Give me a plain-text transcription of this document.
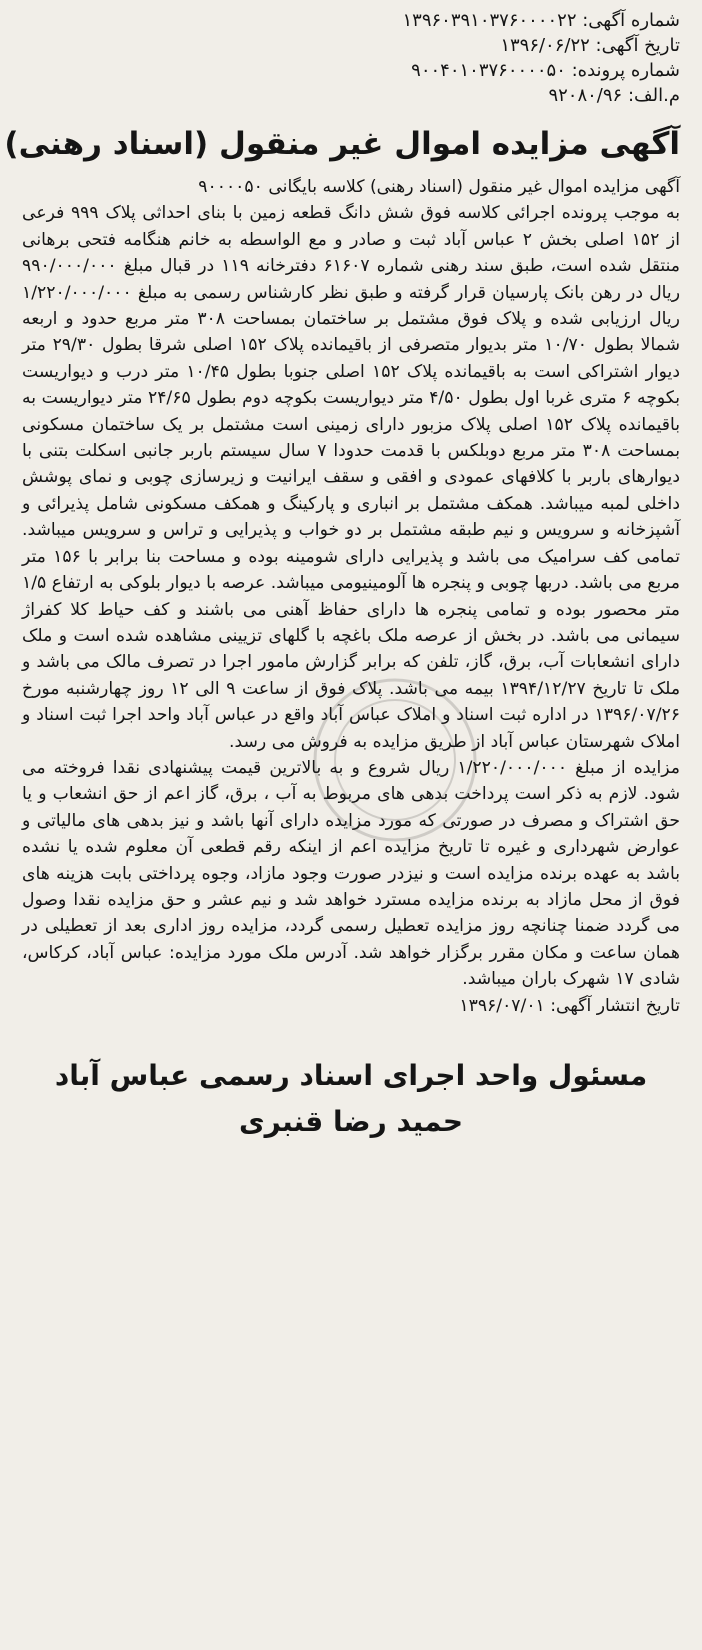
شماره آگهی: ۱۳۹۶۰۳۹۱۰۳۷۶۰۰۰۰۲۲
تاریخ آگهی: ۱۳۹۶/۰۶/۲۲
شماره پرونده: ۹۰۰۴۰۱۰۳۷۶۰۰۰۰۵۰
م.الف: ۹۲۰۸۰/۹۶
آگهی مزایده اموال غیر منقول (اسناد رهنی)

آگهی مزایده اموال غیر منقول (اسناد رهنی) کلاسه بایگانی ۹۰۰۰۰۵۰

به موجب پرونده اجرائی کلاسه فوق شش دانگ قطعه زمین با بنای احداثی پلاک ۹۹۹ فرعی از ۱۵۲ اصلی بخش ۲ عباس آباد ثبت و صادر و مع الواسطه به خانم هنگامه فتحی برهانی منتقل شده است، طبق سند رهنی شماره ۶۱۶۰۷ دفترخانه ۱۱۹ در قبال مبلغ ۹۹۰/۰۰۰/۰۰۰ ریال در رهن بانک پارسیان قرار گرفته و طبق نظر کارشناس رسمی به مبلغ ۱/۲۲۰/۰۰۰/۰۰۰ ریال ارزیابی شده و پلاک فوق مشتمل بر ساختمان بمساحت ۳۰۸ متر مربع حدود و اربعه شمالا بطول ۱۰/۷۰ متر بدیوار متصرفی از باقیمانده پلاک ۱۵۲ اصلی شرقا بطول ۲۹/۳۰ متر دیوار اشتراکی است به باقیمانده پلاک ۱۵۲ اصلی جنوبا بطول ۱۰/۴۵ متر درب و دیواریست بکوچه ۶ متری غربا اول بطول ۴/۵۰ متر دیواریست بکوچه دوم بطول ۲۴/۶۵ متر دیواریست به باقیمانده پلاک ۱۵۲ اصلی پلاک مزبور دارای زمینی است مشتمل بر یک ساختمان مسکونی بمساحت ۳۰۸ متر مربع دوبلکس با قدمت حدودا ۷ سال سیستم باربر جانبی اسکلت بتنی با دیوارهای باربر با کلافهای عمودی و افقی و سقف ایرانیت و زیرسازی چوبی و نمای پوشش داخلی لمبه میباشد. همکف مشتمل بر انباری و پارکینگ و همکف مسکونی شامل پذیرائی و آشپزخانه و سرویس و نیم طبقه مشتمل بر دو خواب و پذیرایی و تراس و سرویس میباشد. تمامی کف سرامیک می باشد و پذیرایی دارای شومینه بوده و مساحت بنا برابر با ۱۵۶ متر مربع می باشد. دربها چوبی و پنجره ها آلومینیومی میباشد. عرصه با دیوار بلوکی به ارتفاع ۱/۵ متر محصور بوده و تمامی پنجره ها دارای حفاظ آهنی می باشند و کف حیاط کلا کفراژ سیمانی می باشد. در بخش از عرصه ملک باغچه با گلهای تزیینی مشاهده شده است و ملک دارای انشعابات آب، برق، گاز، تلفن که برابر گزارش مامور اجرا در تصرف مالک می باشد و ملک تا تاریخ ۱۳۹۴/۱۲/۲۷ بیمه می باشد. پلاک فوق از ساعت ۹ الی ۱۲ روز چهارشنبه مورخ ۱۳۹۶/۰۷/۲۶ در اداره ثبت اسناد و املاک عباس آباد واقع در عباس آباد واحد اجرا ثبت اسناد و املاک شهرستان عباس آباد از طریق مزایده به فروش می رسد.

مزایده از مبلغ ۱/۲۲۰/۰۰۰/۰۰۰ ریال شروع و به بالاترین قیمت پیشنهادی نقدا فروخته می شود. لازم به ذکر است پرداخت بدهی های مربوط به آب ، برق، گاز اعم از حق انشعاب و یا حق اشتراک و مصرف در صورتی که مورد مزایده دارای آنها باشد و نیز بدهی های مالیاتی و عوارض شهرداری و غیره تا تاریخ مزایده اعم از اینکه رقم قطعی آن معلوم شده یا نشده باشد به عهده برنده مزایده است و نیزدر صورت وجود مازاد، وجوه پرداختی بابت هزینه های فوق از محل مازاد به برنده مزایده مسترد خواهد شد و نیم عشر و حق مزایده نقدا وصول می گردد ضمنا چنانچه روز مزایده تعطیل رسمی گردد، مزایده روز اداری بعد از تعطیلی در همان ساعت و مکان مقرر برگزار خواهد شد. آدرس ملک مورد مزایده: عباس آباد، کرکاس، شادی ۱۷ شهرک باران میباشد.

تاریخ انتشار آگهی: ۱۳۹۶/۰۷/۰۱
مسئول واحد اجرای اسناد رسمی عباس آباد
حمید رضا قنبری
